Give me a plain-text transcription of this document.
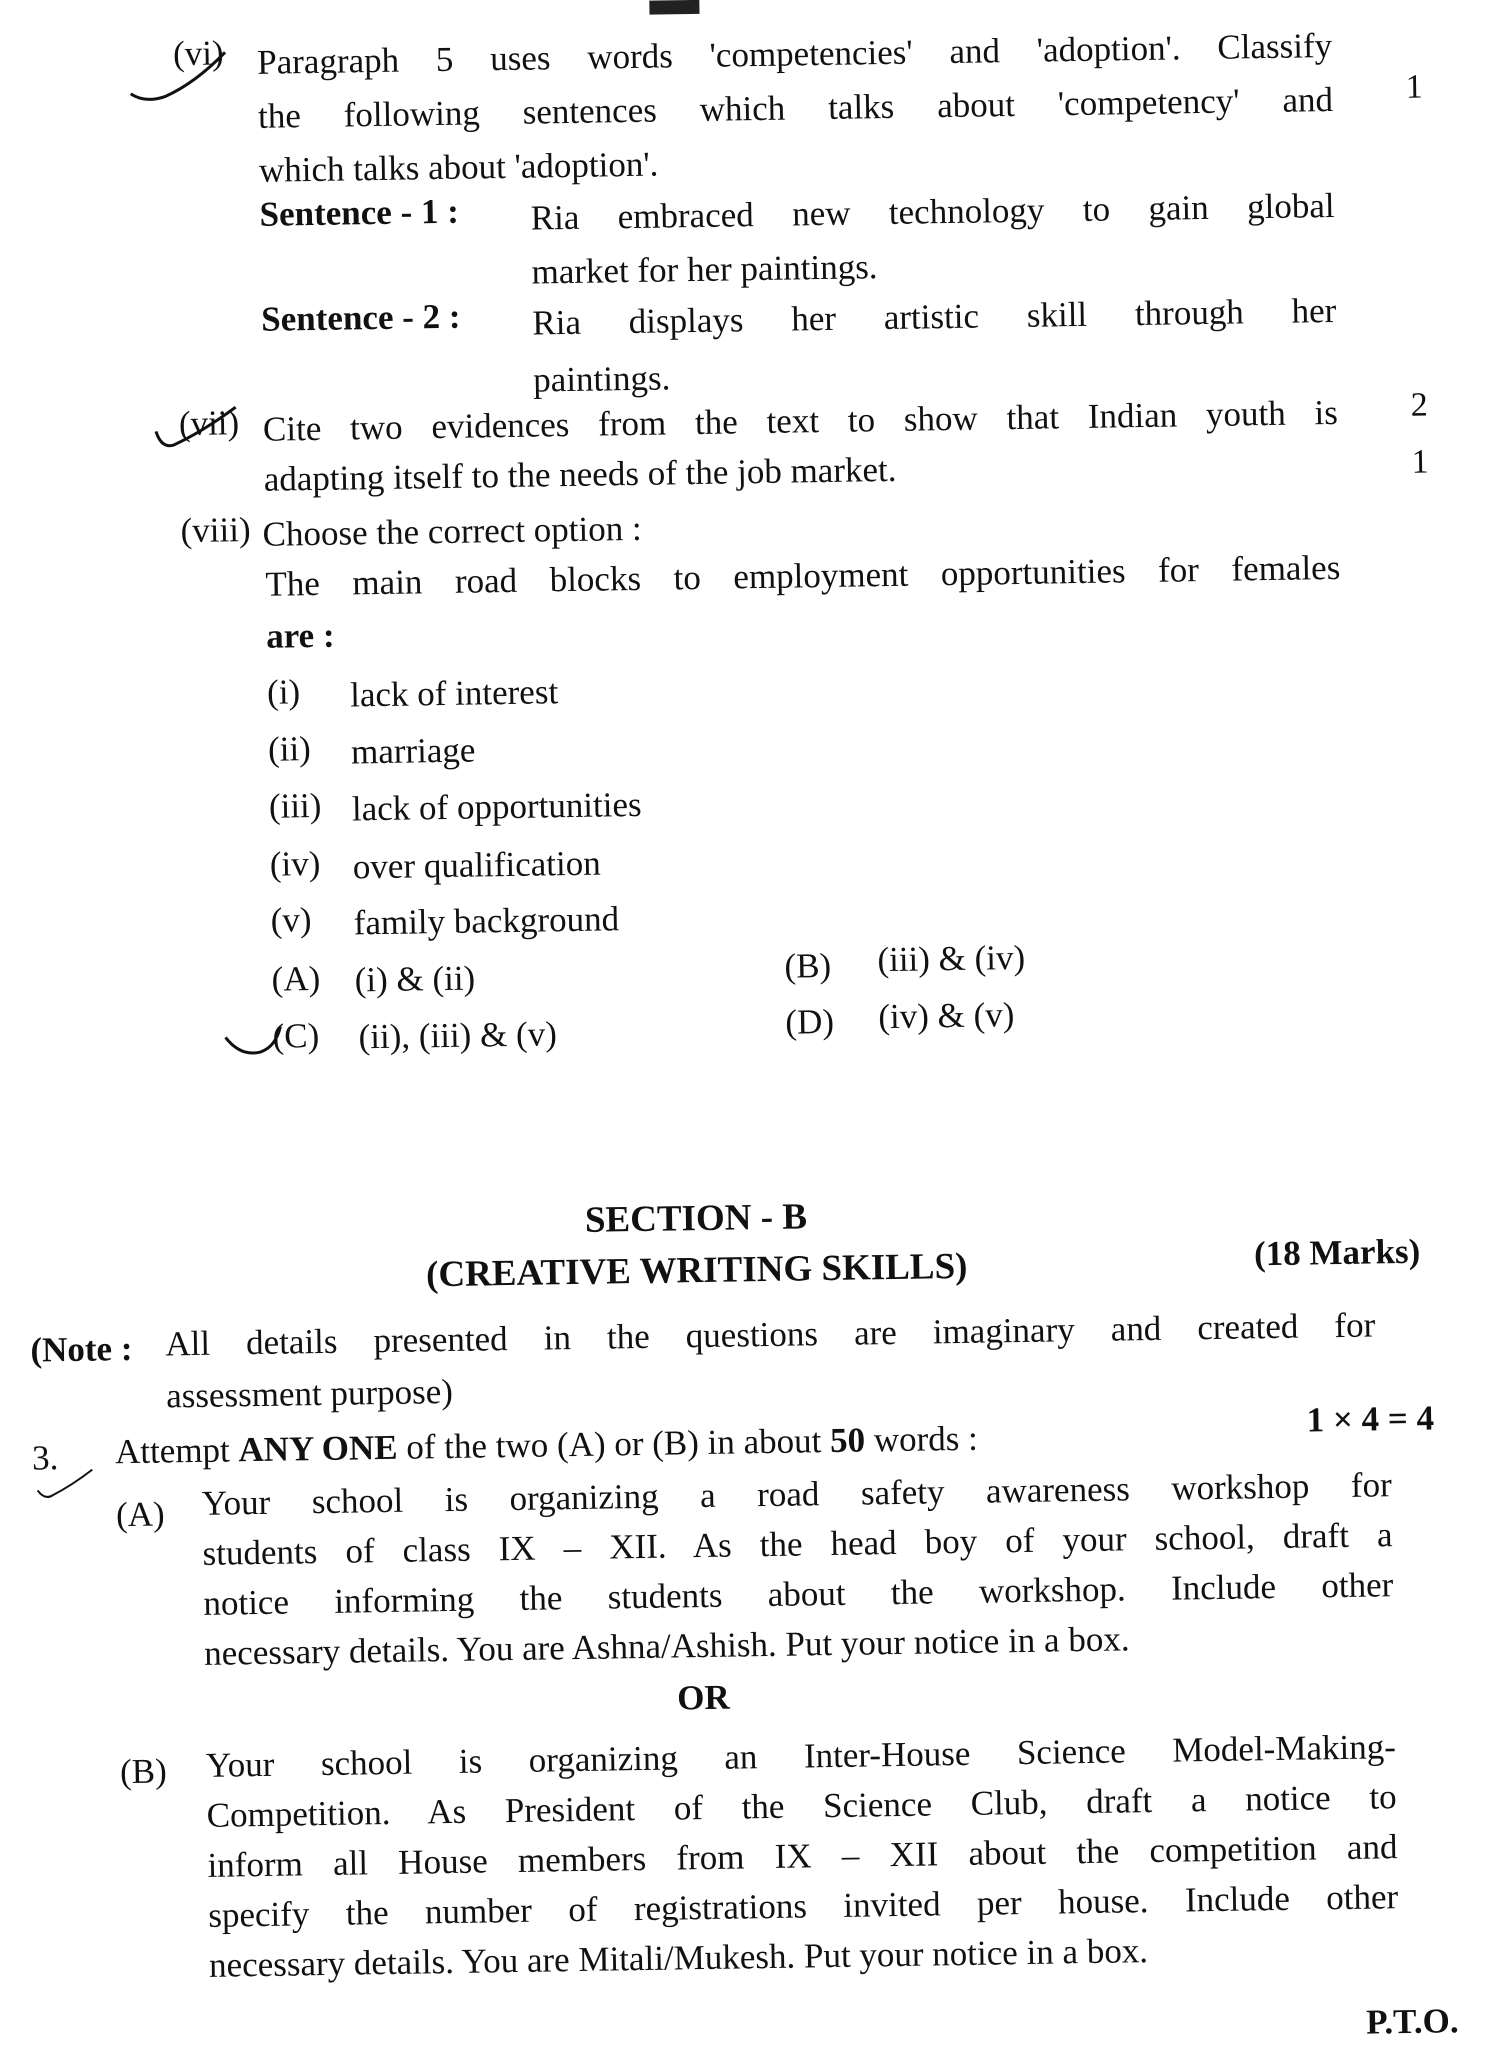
(vi) Paragraph 5 uses words 'competencies' and 'adoption'. Classify
the following sentences which talks about 'competency' and
which talks about 'adoption'.
1
Sentence - 1 : Ria embraced new technology to gain global
market for her paintings.
Sentence - 2 : Ria displays her artistic skill through her
paintings.
(vii) Cite two evidences from the text to show that Indian youth is
adapting itself to the needs of the job market.
2
1
(viii) Choose the correct option :
The main road blocks to employment opportunities for females
are :
(i) lack of interest
(ii) marriage
(iii) lack of opportunities
(iv) over qualification
(v) family background
(A) (i) & (ii)	(B) (iii) & (iv)
(C) (ii), (iii) & (v)	(D) (iv) & (v)
SECTION - B
(CREATIVE WRITING SKILLS)	(18 Marks)
(Note : All details presented in the questions are imaginary and created for
assessment purpose)
3. Attempt ANY ONE of the two (A) or (B) in about 50 words :	1 × 4 = 4
(A) Your school is organizing a road safety awareness workshop for
students of class IX – XII. As the head boy of your school, draft a
notice informing the students about the workshop. Include other
necessary details. You are Ashna/Ashish. Put your notice in a box.
OR
(B) Your school is organizing an Inter-House Science Model-Making-
Competition. As President of the Science Club, draft a notice to
inform all House members from IX – XII about the competition and
specify the number of registrations invited per house. Include other
necessary details. You are Mitali/Mukesh. Put your notice in a box.
P.T.O.
